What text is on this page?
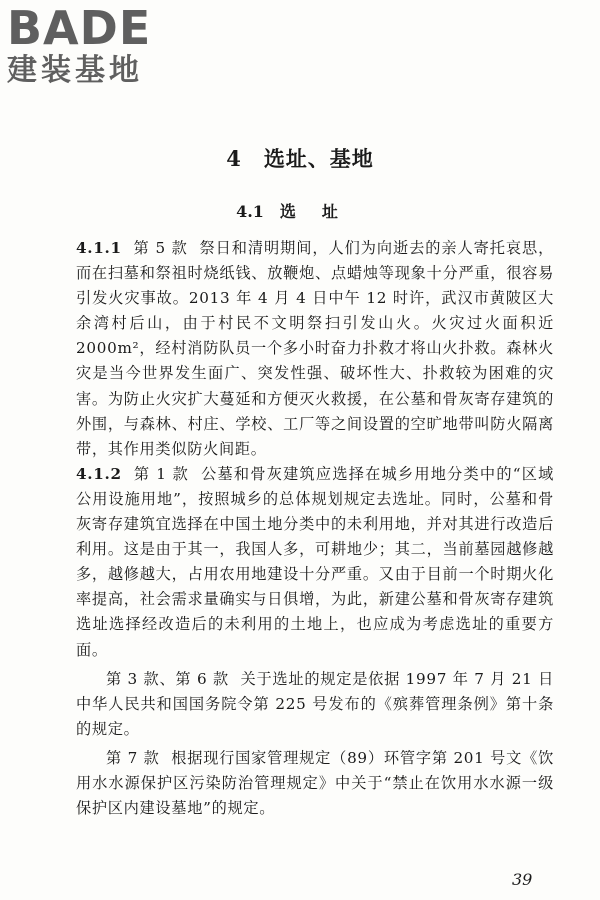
BADE
建装基地
4 选址、基地
4.1 选址

4.1.1 第 5 款 祭日和清明期间，人们为向逝去的亲人寄托哀思，而在扫墓和祭祖时烧纸钱、放鞭炮、点蜡烛等现象十分严重，很容易引发火灾事故。2013 年 4 月 4 日中午 12 时许，武汉市黄陂区大余湾村后山，由于村民不文明祭扫引发山火。火灾过火面积近 2000m²，经村消防队员一个多小时奋力扑救才将山火扑救。森林火灾是当今世界发生面广、突发性强、破坏性大、扑救较为困难的灾害。为防止火灾扩大蔓延和方便灭火救援，在公墓和骨灰寄存建筑的外围，与森林、村庄、学校、工厂等之间设置的空旷地带叫防火隔离带，其作用类似防火间距。

4.1.2 第 1 款 公墓和骨灰建筑应选择在城乡用地分类中的“区域公用设施用地”，按照城乡的总体规划规定去选址。同时，公墓和骨灰寄存建筑宜选择在中国土地分类中的未利用地，并对其进行改造后利用。这是由于其一，我国人多，可耕地少；其二，当前墓园越修越多，越修越大，占用农用地建设十分严重。又由于目前一个时期火化率提高，社会需求量确实与日俱增，为此，新建公墓和骨灰寄存建筑选址选择经改造后的未利用的土地上，也应成为考虑选址的重要方面。

第 3 款、第 6 款 关于选址的规定是依据 1997 年 7 月 21 日中华人民共和国国务院令第 225 号发布的《殡葬管理条例》第十条的规定。

第 7 款 根据现行国家管理规定（89）环管字第 201 号文《饮用水水源保护区污染防治管理规定》中关于“禁止在饮用水水源一级保护区内建设墓地”的规定。

39
